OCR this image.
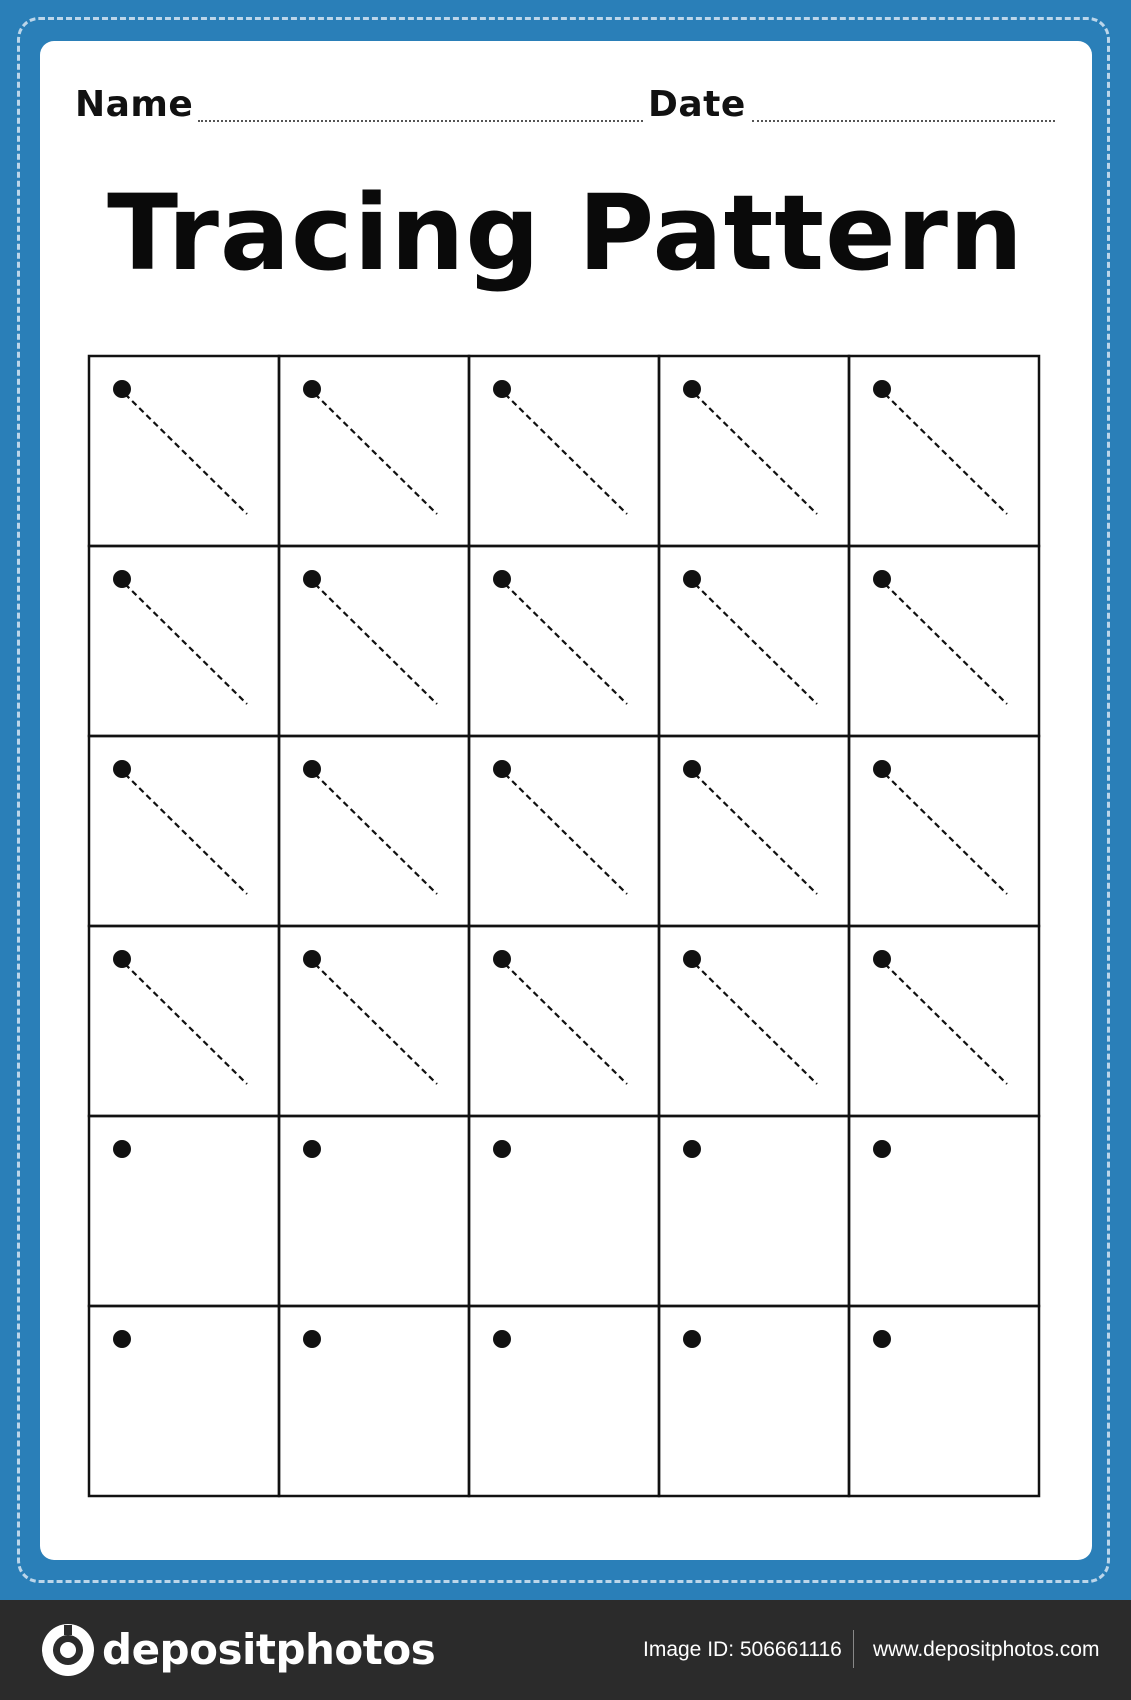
Name	Date
Tracing Pattern
depositphotos	Image ID: 506661116 www.depositphotos.com
